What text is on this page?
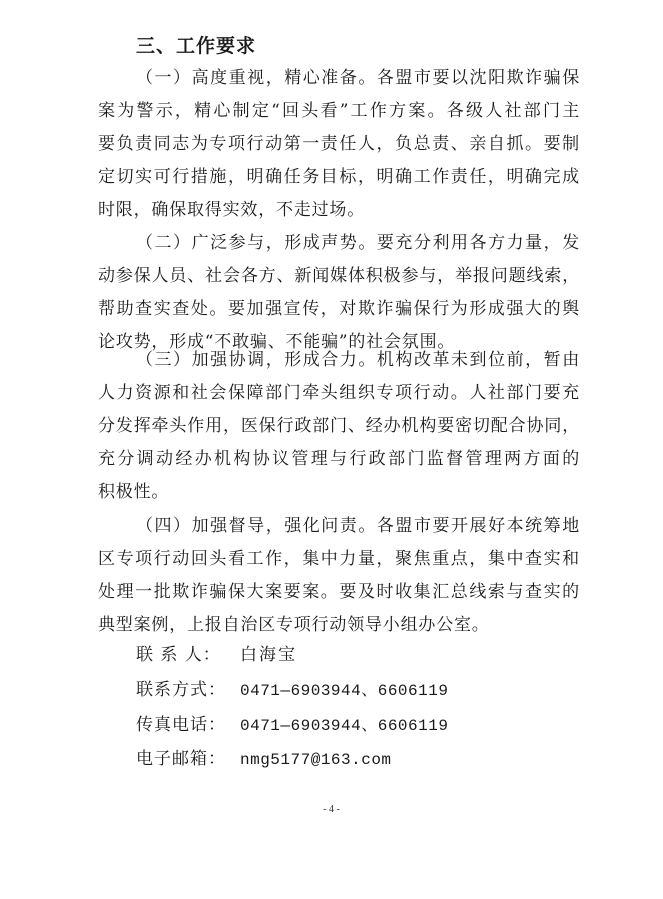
三、工作要求
（一）高度重视，精心准备。各盟市要以沈阳欺诈骗保
案为警示，精心制定“回头看”工作方案。各级人社部门主
要负责同志为专项行动第一责任人，负总责、亲自抓。要制
定切实可行措施，明确任务目标，明确工作责任，明确完成
时限，确保取得实效，不走过场。
（二）广泛参与，形成声势。要充分利用各方力量，发
动参保人员、社会各方、新闻媒体积极参与，举报问题线索，
帮助查实查处。要加强宣传，对欺诈骗保行为形成强大的舆
论攻势，形成“不敢骗、不能骗”的社会氛围。
（三）加强协调，形成合力。机构改革未到位前，暂由
人力资源和社会保障部门牵头组织专项行动。人社部门要充
分发挥牵头作用，医保行政部门、经办机构要密切配合协同，
充分调动经办机构协议管理与行政部门监督管理两方面的
积极性。
（四）加强督导，强化问责。各盟市要开展好本统筹地
区专项行动回头看工作，集中力量，聚焦重点，集中查实和
处理一批欺诈骗保大案要案。要及时收集汇总线索与查实的
典型案例，上报自治区专项行动领导小组办公室。
联 系 人：	白海宝
联系方式： 0471—6903944、6606119
传真电话： 0471—6903944、6606119
电子邮箱： nmg5177@163.com
- 4 -
